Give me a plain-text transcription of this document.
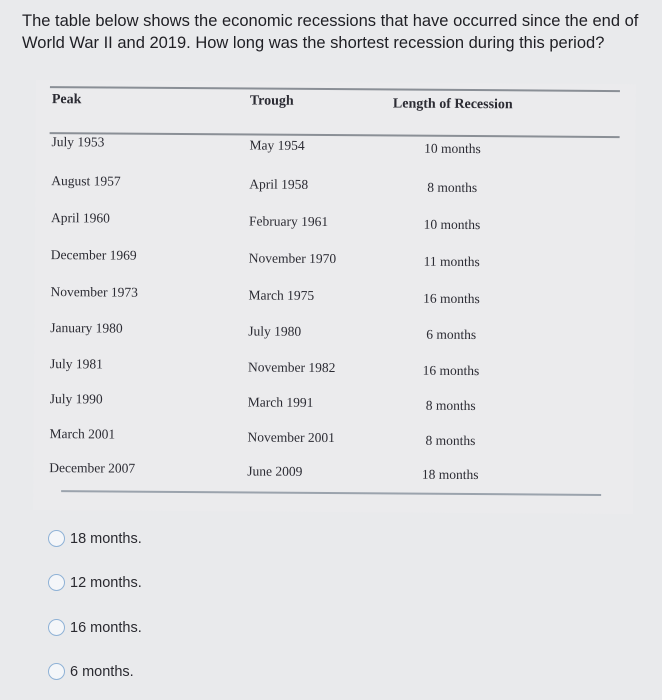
The table below shows the economic recessions that have occurred since the end of
World War II and 2019. How long was the shortest recession during this period?
Peak	Trough	Length of Recession
July 1953	May 1954	10 months
August 1957	April 1958	8 months
April 1960	February 1961	10 months
December 1969	November 1970	11 months
November 1973	March 1975	16 months
January 1980	July 1980	6 months
July 1981	November 1982	16 months
July 1990	March 1991	8 months
March 2001	November 2001	8 months
December 2007	June 2009	18 months
18 months.
12 months.
16 months.
6 months.
